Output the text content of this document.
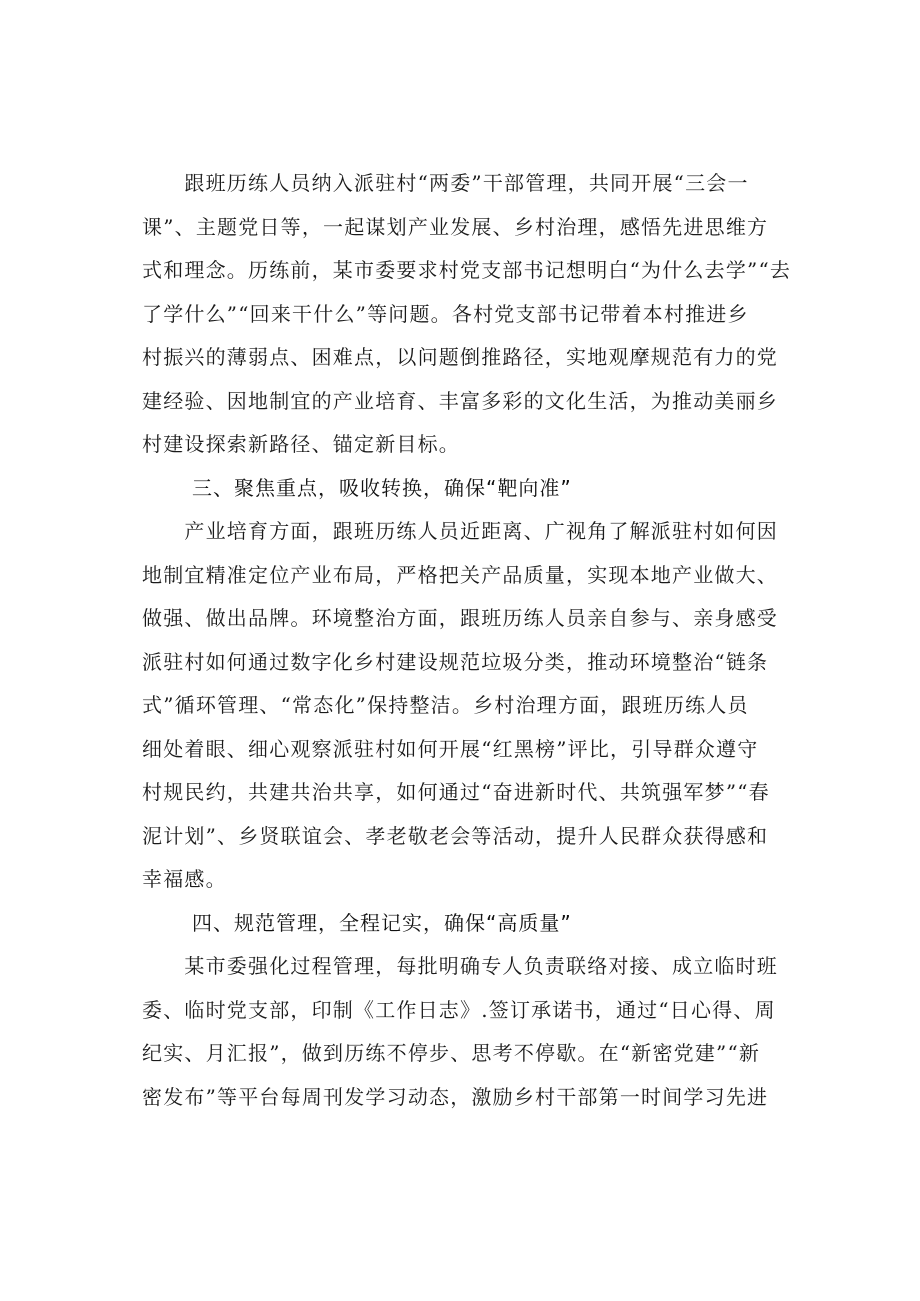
　　跟班历练人员纳入派驻村“两委”干部管理，共同开展“三会一
课”、主题党日等，一起谋划产业发展、乡村治理，感悟先进思维方
式和理念。历练前，某市委要求村党支部书记想明白“为什么去学”“去
了学什么”“回来干什么”等问题。各村党支部书记带着本村推进乡
村振兴的薄弱点、困难点，以问题倒推路径，实地观摩规范有力的党
建经验、因地制宜的产业培育、丰富多彩的文化生活，为推动美丽乡
村建设探索新路径、锚定新目标。

三、聚焦重点，吸收转换，确保“靶向准”

　　产业培育方面，跟班历练人员近距离、广视角了解派驻村如何因
地制宜精准定位产业布局，严格把关产品质量，实现本地产业做大、
做强、做出品牌。环境整治方面，跟班历练人员亲自参与、亲身感受
派驻村如何通过数字化乡村建设规范垃圾分类，推动环境整治“链条
式”循环管理、“常态化”保持整洁。乡村治理方面，跟班历练人员
细处着眼、细心观察派驻村如何开展“红黑榜”评比，引导群众遵守
村规民约，共建共治共享，如何通过“奋进新时代、共筑强军梦”“春
泥计划”、乡贤联谊会、孝老敬老会等活动，提升人民群众获得感和
幸福感。

四、规范管理，全程记实，确保“高质量”

　　某市委强化过程管理，每批明确专人负责联络对接、成立临时班
委、临时党支部，印制《工作日志》.签订承诺书，通过“日心得、周
纪实、月汇报”，做到历练不停步、思考不停歇。在“新密党建”“新
密发布”等平台每周刊发学习动态，激励乡村干部第一时间学习先进
